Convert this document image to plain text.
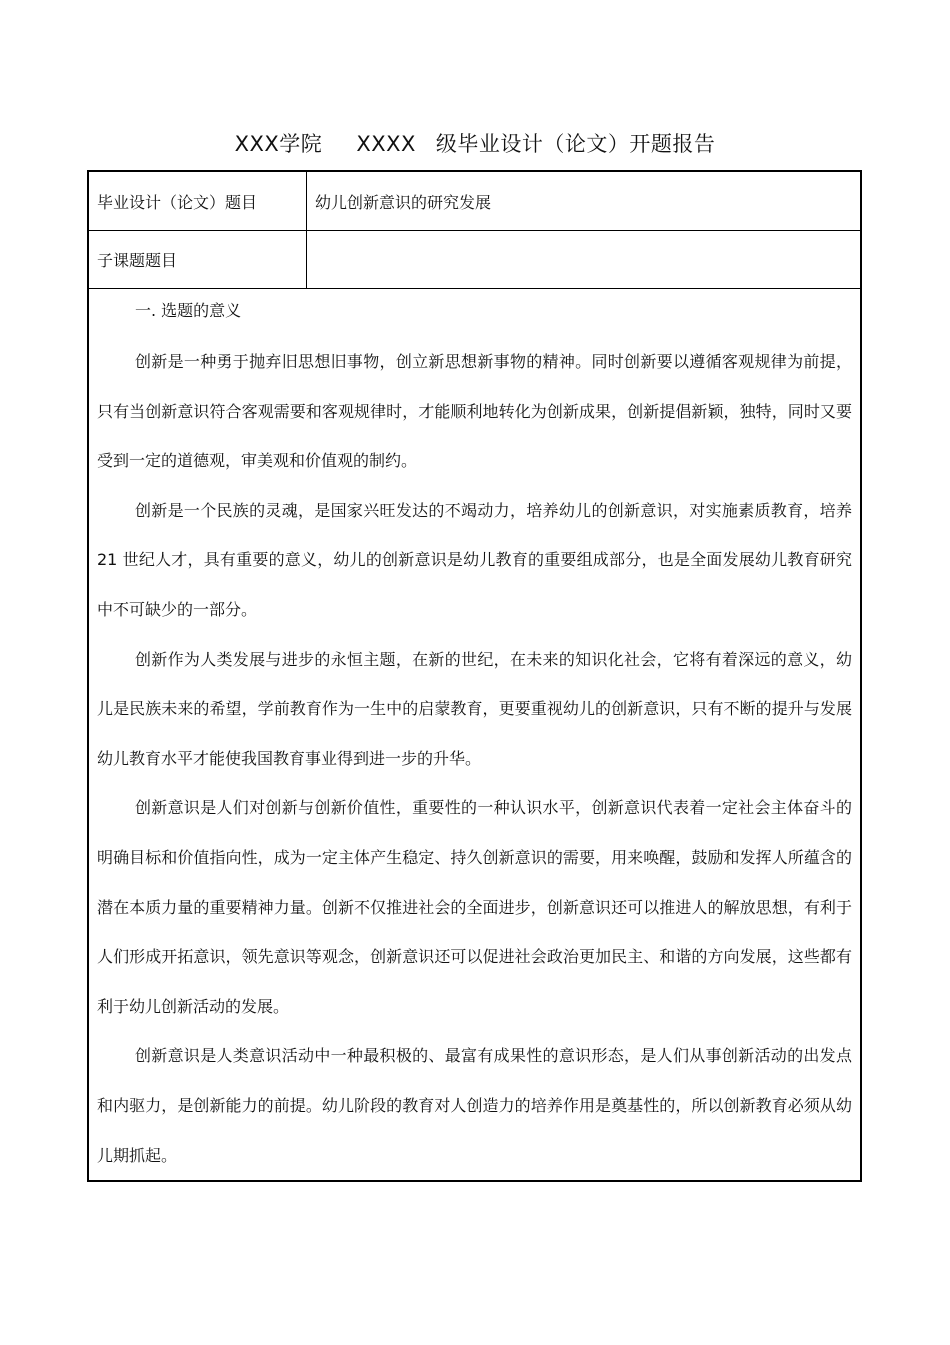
XXX学院 XXXX 级毕业设计（论文）开题报告
毕业设计（论文）题目	幼儿创新意识的研究发展
子课题题目
一. 选题的意义

创新是一种勇于抛弃旧思想旧事物，创立新思想新事物的精神。同时创新要以遵循客观规律为前提，只有当创新意识符合客观需要和客观规律时，才能顺利地转化为创新成果，创新提倡新颖，独特，同时又要受到一定的道德观，审美观和价值观的制约。

创新是一个民族的灵魂，是国家兴旺发达的不竭动力，培养幼儿的创新意识，对实施素质教育，培养 21 世纪人才，具有重要的意义，幼儿的创新意识是幼儿教育的重要组成部分，也是全面发展幼儿教育研究中不可缺少的一部分。

创新作为人类发展与进步的永恒主题，在新的世纪，在未来的知识化社会，它将有着深远的意义，幼儿是民族未来的希望，学前教育作为一生中的启蒙教育，更要重视幼儿的创新意识，只有不断的提升与发展幼儿教育水平才能使我国教育事业得到进一步的升华。

创新意识是人们对创新与创新价值性，重要性的一种认识水平，创新意识代表着一定社会主体奋斗的明确目标和价值指向性，成为一定主体产生稳定、持久创新意识的需要，用来唤醒，鼓励和发挥人所蕴含的潜在本质力量的重要精神力量。创新不仅推进社会的全面进步，创新意识还可以推进人的解放思想，有利于人们形成开拓意识，领先意识等观念，创新意识还可以促进社会政治更加民主、和谐的方向发展，这些都有利于幼儿创新活动的发展。

创新意识是人类意识活动中一种最积极的、最富有成果性的意识形态，是人们从事创新活动的出发点和内驱力，是创新能力的前提。幼儿阶段的教育对人创造力的培养作用是奠基性的，所以创新教育必须从幼儿期抓起。
